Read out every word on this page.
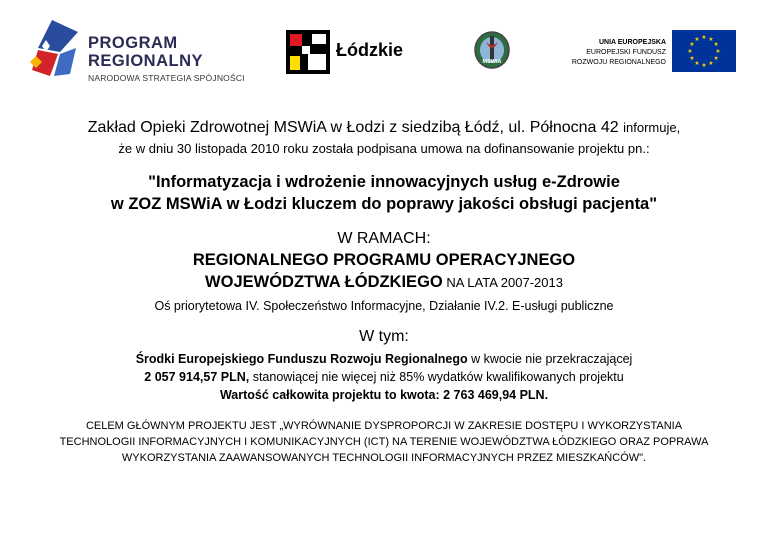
PROGRAM
REGIONALNY
NARODOWA STRATEGIA SPÓJNOŚCI
Łódzkie
MSWiA
UNIA EUROPEJSKA
EUROPEJSKI FUNDUSZ
ROZWOJU REGIONALNEGO
★ ★
★
★
★
★
★
★
★
★
★
★
Zakład Opieki Zdrowotnej MSWiA w Łodzi z siedzibą Łódź, ul. Północna 42 informuje,
że w dniu 30 listopada 2010 roku została podpisana umowa na dofinansowanie projektu pn.:
"Informatyzacja i wdrożenie innowacyjnych usług e-Zdrowie
w ZOZ MSWiA w Łodzi kluczem do poprawy jakości obsługi pacjenta"
W RAMACH:
REGIONALNEGO PROGRAMU OPERACYJNEGO
WOJEWÓDZTWA ŁÓDZKIEGO NA LATA 2007-2013
Oś priorytetowa IV. Społeczeństwo Informacyjne, Działanie IV.2. E-usługi publiczne
W tym:
Środki Europejskiego Funduszu Rozwoju Regionalnego w kwocie nie przekraczającej
2 057 914,57 PLN, stanowiącej nie więcej niż 85% wydatków kwalifikowanych projektu
Wartość całkowita projektu to kwota: 2 763 469,94 PLN.
CELEM GŁÓWNYM PROJEKTU JEST „WYRÓWNANIE DYSPROPORCJI W ZAKRESIE DOSTĘPU I WYKORZYSTANIA
TECHNOLOGII INFORMACYJNYCH I KOMUNIKACYJNYCH (ICT) NA TERENIE WOJEWÓDZTWA ŁÓDZKIEGO ORAZ POPRAWA
WYKORZYSTANIA ZAAWANSOWANYCH TECHNOLOGII INFORMACYJNYCH PRZEZ MIESZKAŃCÓW".
